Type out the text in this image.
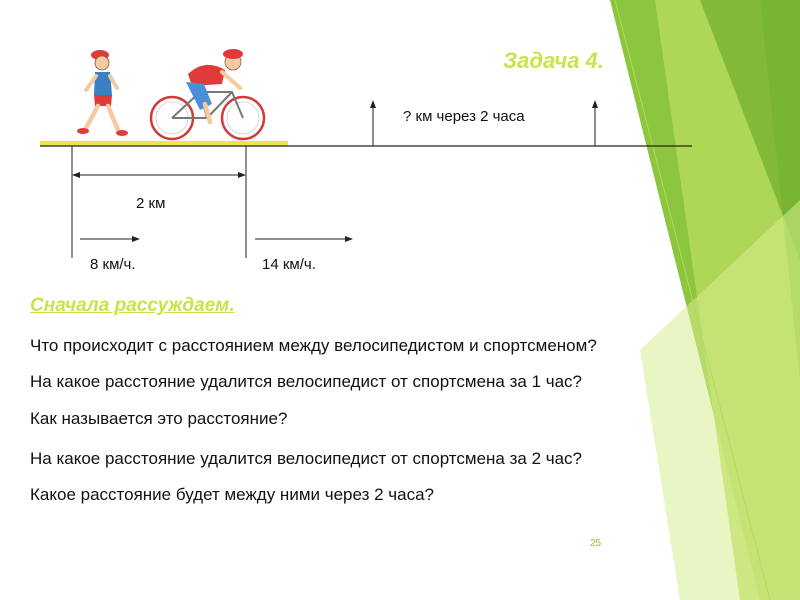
Задача 4.
? км через 2 часа
2 км
8 км/ч.	14 км/ч.
Сначала рассуждаем.
Что происходит с расстоянием между велосипедистом и спортсменом?
На какое расстояние удалится велосипедист от спортсмена за 1 час?
Как называется это расстояние?
На какое расстояние удалится велосипедист от спортсмена за 2 час?
Какое расстояние будет между ними через 2 часа?
25
